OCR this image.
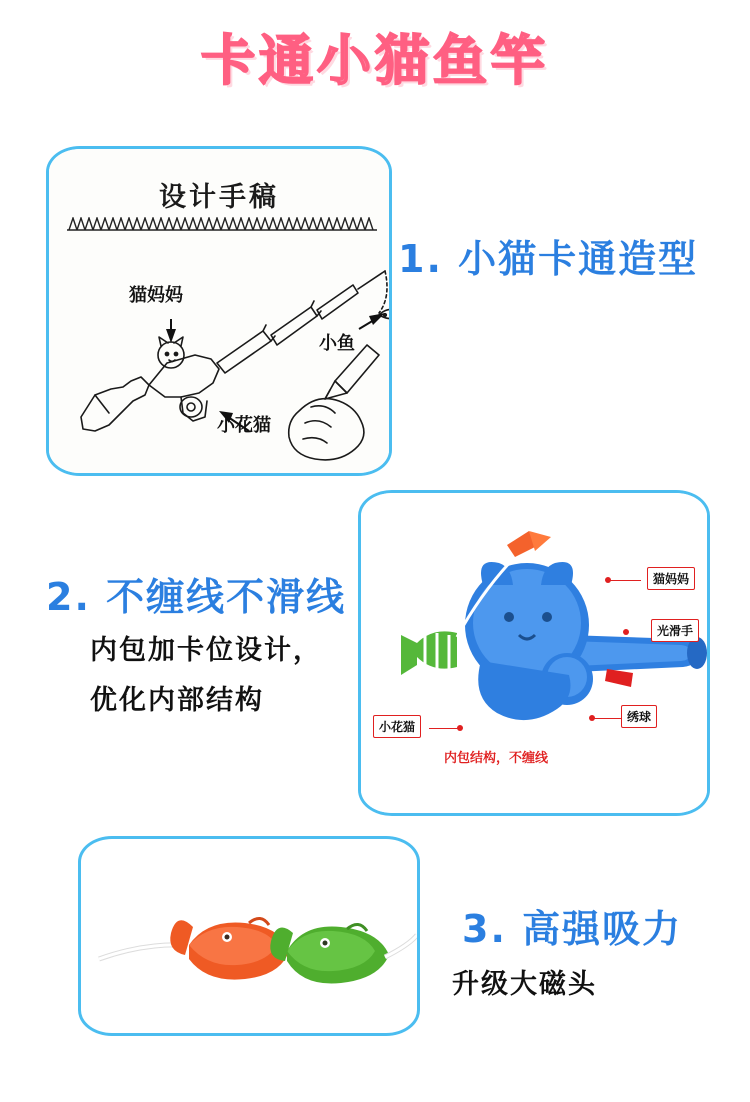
卡通小猫鱼竿
设计手稿
猫妈妈
小鱼
小花猫
1. 小猫卡通造型
2. 不缠线不滑线
内包加卡位设计，
优化内部结构
猫妈妈
光滑手
绣球
小花猫
内包结构，不缠线
3. 高强吸力
升级大磁头
